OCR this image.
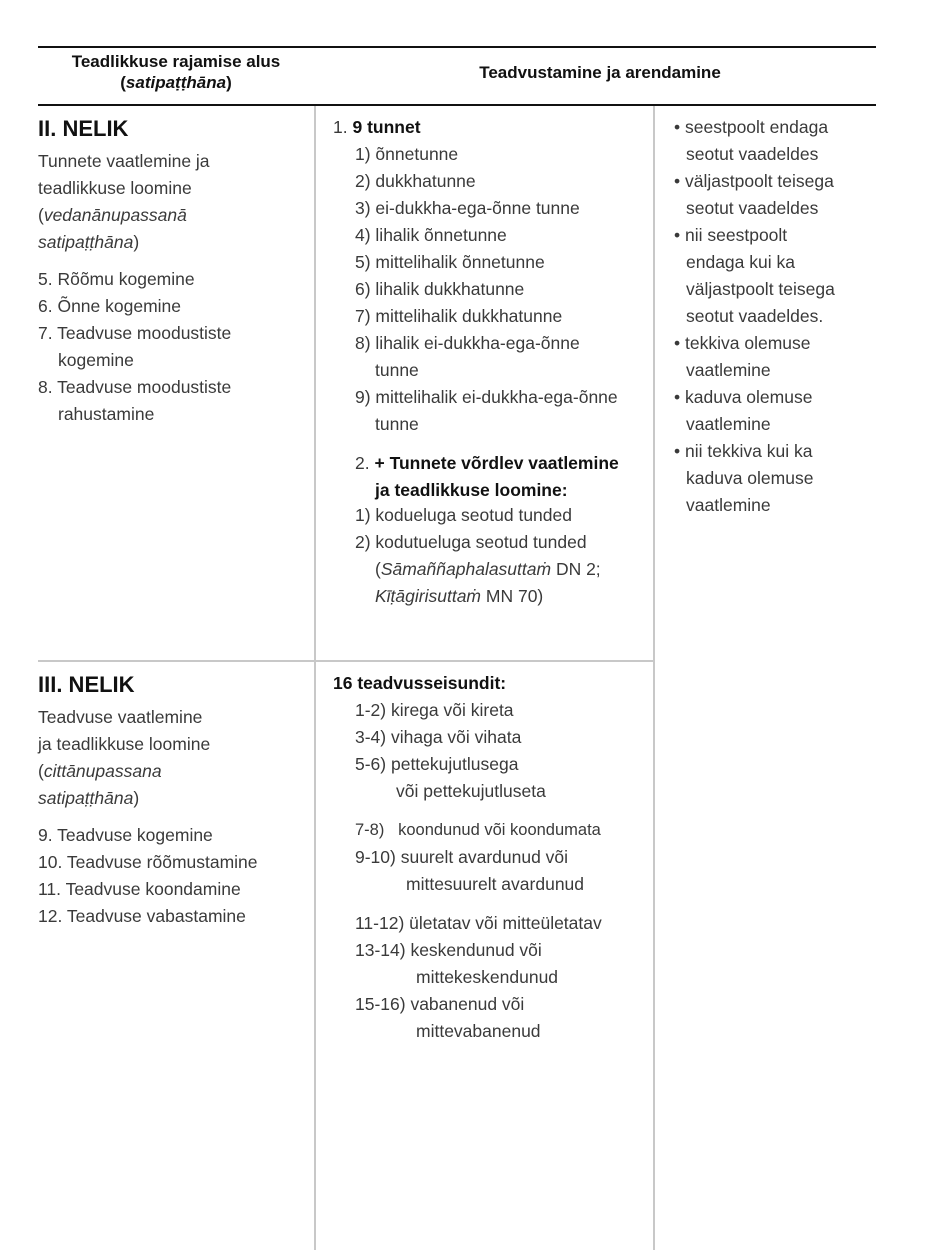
Teadlikkuse rajamise alus
(satipaṭṭhāna)
Teadvustamine ja arendamine
II. NELIK

Tunnete vaatlemine ja

teadlikkuse loomine

(vedanānupassanā

satipaṭṭhāna)

5. Rõõmu kogemine

6. Õnne kogemine

7. Teadvuse moodustiste

kogemine

8. Teadvuse moodustiste

rahustamine

1. 9 tunnet

1) õnnetunne

2) dukkhatunne

3) ei-dukkha-ega-õnne tunne

4) lihalik õnnetunne

5) mittelihalik õnnetunne

6) lihalik dukkhatunne

7) mittelihalik dukkhatunne

8) lihalik ei-dukkha-ega-õnne

tunne

9) mittelihalik ei-dukkha-ega-õnne

tunne

2. + Tunnete võrdlev vaatlemine

ja teadlikkuse loomine:

1) kodueluga seotud tunded

2) kodutueluga seotud tunded

(Sāmaññaphalasuttaṁ DN 2;

Kīṭāgirisuttaṁ MN 70)

• seestpoolt endaga

seotut vaadeldes

• väljastpoolt teisega

seotut vaadeldes

• nii seestpoolt

endaga kui ka

väljastpoolt teisega

seotut vaadeldes.

• tekkiva olemuse

vaatlemine

• kaduva olemuse

vaatlemine

• nii tekkiva kui ka

kaduva olemuse

vaatlemine

III. NELIK

Teadvuse vaatlemine

ja teadlikkuse loomine

(cittānupassana

satipaṭṭhāna)

9. Teadvuse kogemine

10. Teadvuse rõõmustamine

11. Teadvuse koondamine

12. Teadvuse vabastamine

16 teadvusseisundit:

1-2) kirega või kireta

3-4) vihaga või vihata

5-6) pettekujutlusega

või pettekujutluseta

7-8)   koondunud või koondumata

9-10) suurelt avardunud või

mittesuurelt avardunud

11-12) ületatav või mitteületatav

13-14) keskendunud või

mittekeskendunud

15-16) vabanenud või

mittevabanenud
